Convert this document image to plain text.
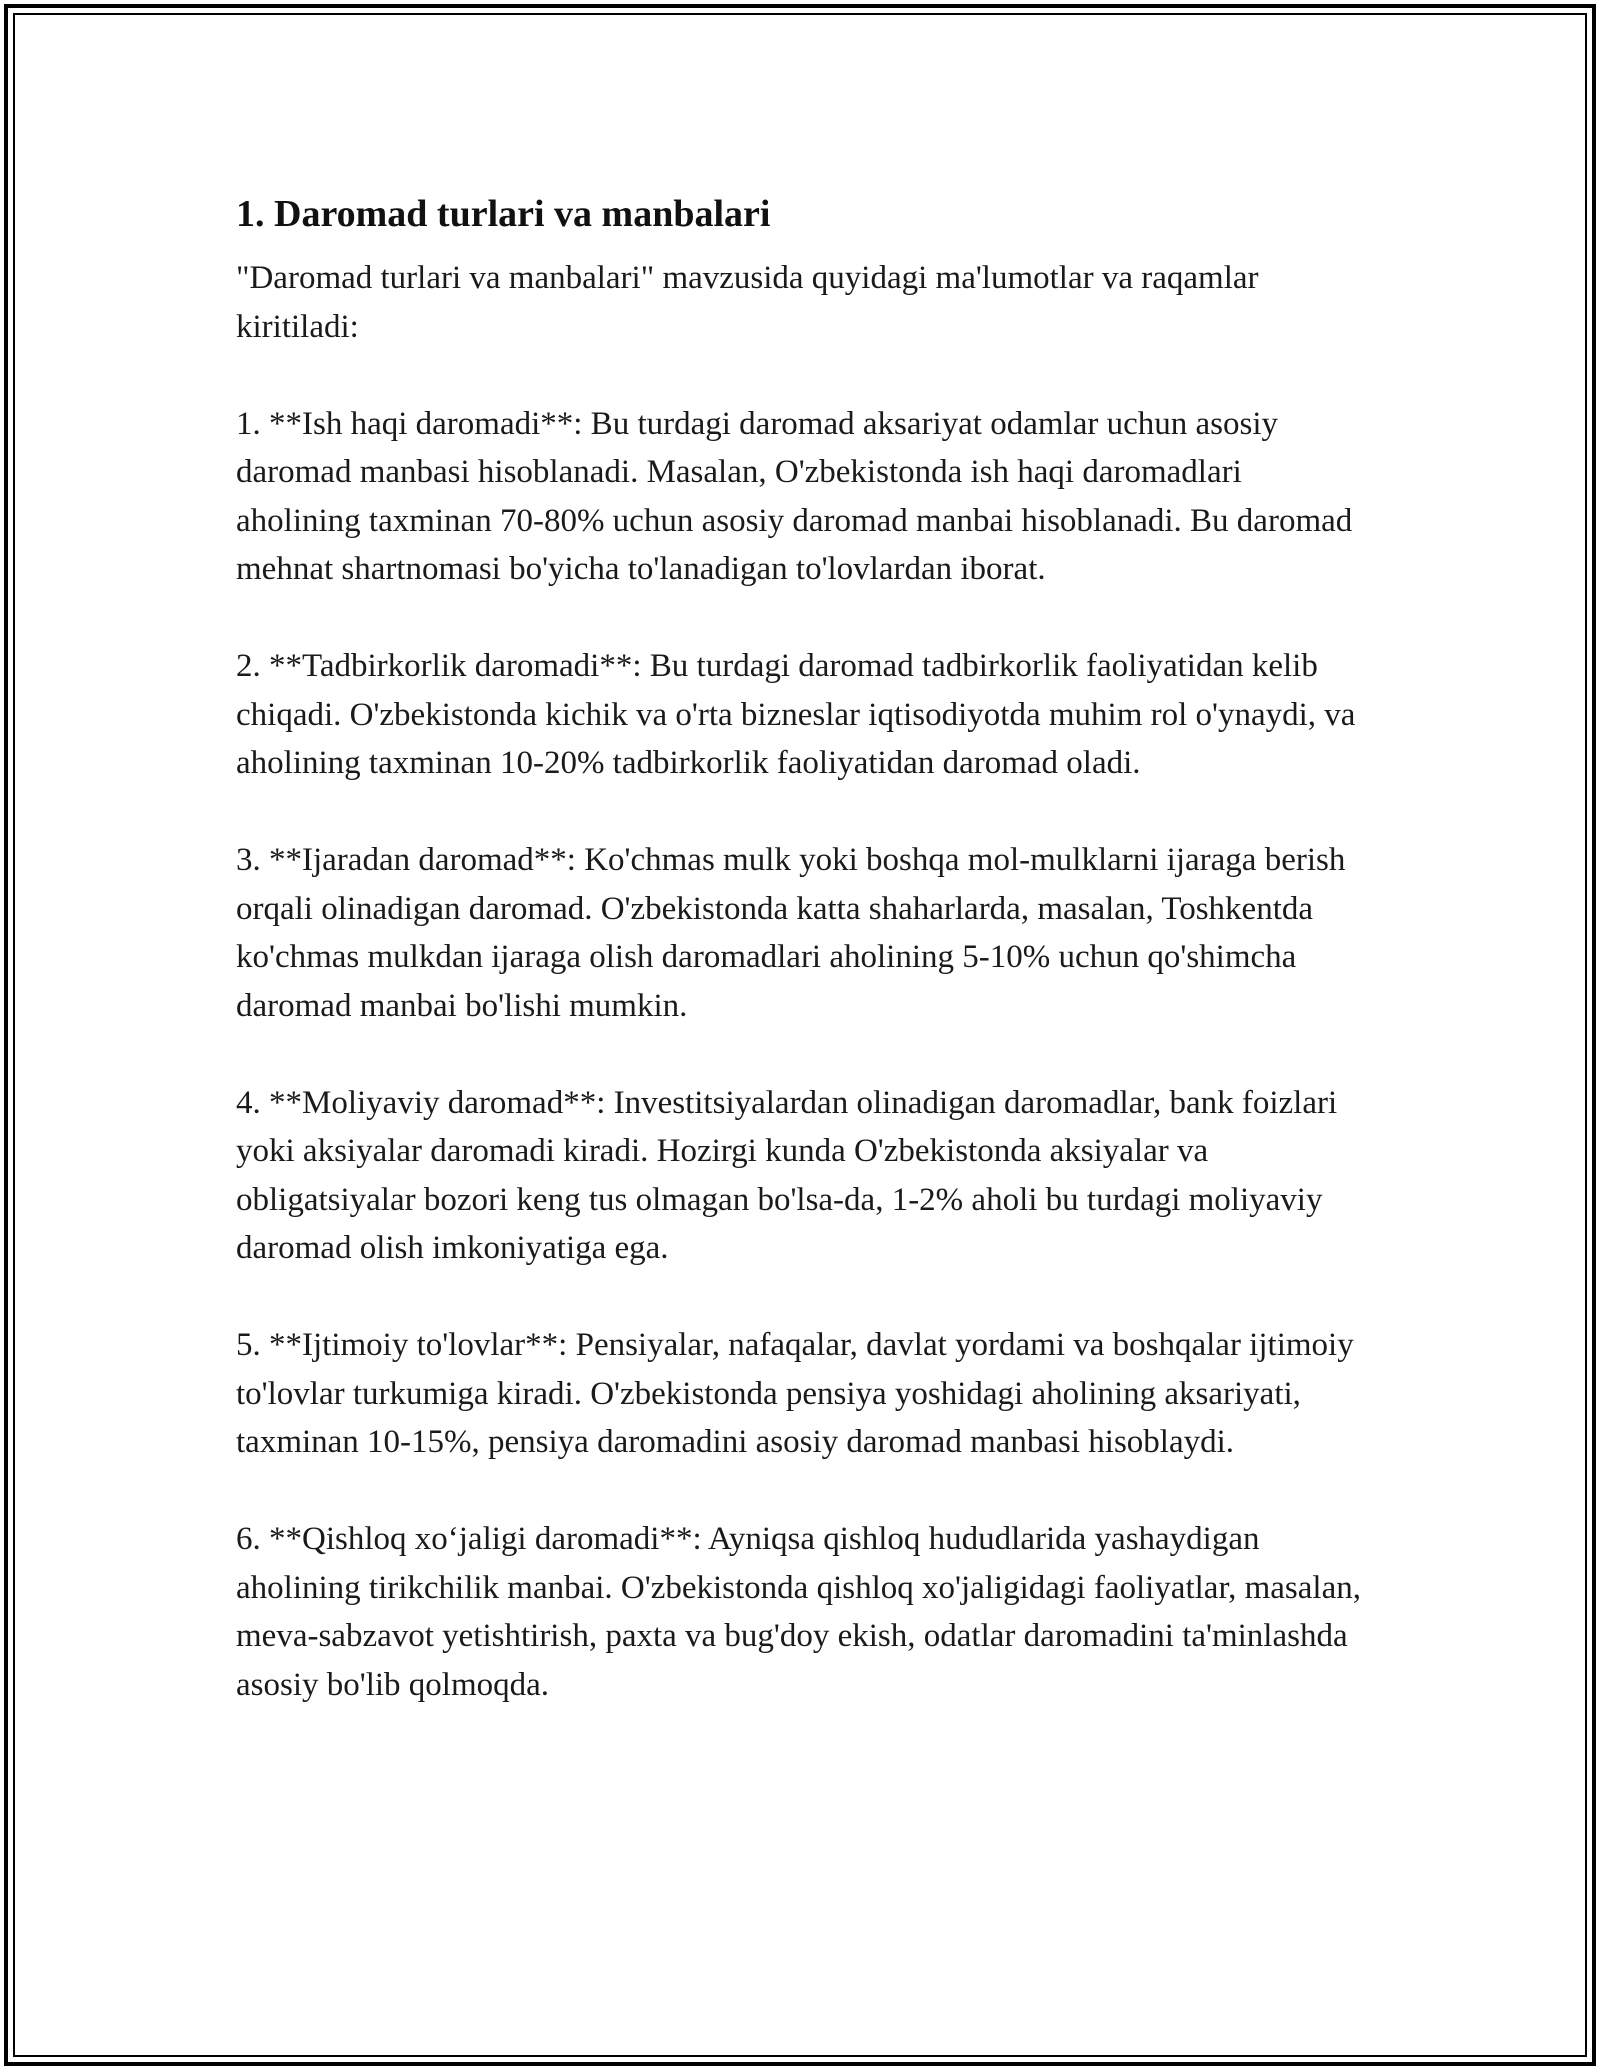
1. Daromad turlari va manbalari

"Daromad turlari va manbalari" mavzusida quyidagi ma'lumotlar va raqamlar kiritiladi:

1. **Ish haqi daromadi**: Bu turdagi daromad aksariyat odamlar uchun asosiy daromad manbasi hisoblanadi. Masalan, O'zbekistonda ish haqi daromadlari aholining taxminan 70-80% uchun asosiy daromad manbai hisoblanadi. Bu daromad mehnat shartnomasi bo'yicha to'lanadigan to'lovlardan iborat.

2. **Tadbirkorlik daromadi**: Bu turdagi daromad tadbirkorlik faoliyatidan kelib chiqadi. O'zbekistonda kichik va o'rta bizneslar iqtisodiyotda muhim rol o'ynaydi, va aholining taxminan 10-20% tadbirkorlik faoliyatidan daromad oladi.

3. **Ijaradan daromad**: Ko'chmas mulk yoki boshqa mol-mulklarni ijaraga berish orqali olinadigan daromad. O'zbekistonda katta shaharlarda, masalan, Toshkentda ko'chmas mulkdan ijaraga olish daromadlari aholining 5-10% uchun qo'shimcha daromad manbai bo'lishi mumkin.

4. **Moliyaviy daromad**: Investitsiyalardan olinadigan daromadlar, bank foizlari yoki aksiyalar daromadi kiradi. Hozirgi kunda O'zbekistonda aksiyalar va obligatsiyalar bozori keng tus olmagan bo'lsa-da, 1-2% aholi bu turdagi moliyaviy daromad olish imkoniyatiga ega.

5. **Ijtimoiy to'lovlar**: Pensiyalar, nafaqalar, davlat yordami va boshqalar ijtimoiy to'lovlar turkumiga kiradi. O'zbekistonda pensiya yoshidagi aholining aksariyati, taxminan 10-15%, pensiya daromadini asosiy daromad manbasi hisoblaydi.

6. **Qishloq xo‘jaligi daromadi**: Ayniqsa qishloq hududlarida yashaydigan aholining tirikchilik manbai. O'zbekistonda qishloq xo'jaligidagi faoliyatlar, masalan, meva-sabzavot yetishtirish, paxta va bug'doy ekish, odatlar daromadini ta'minlashda asosiy bo'lib qolmoqda.
